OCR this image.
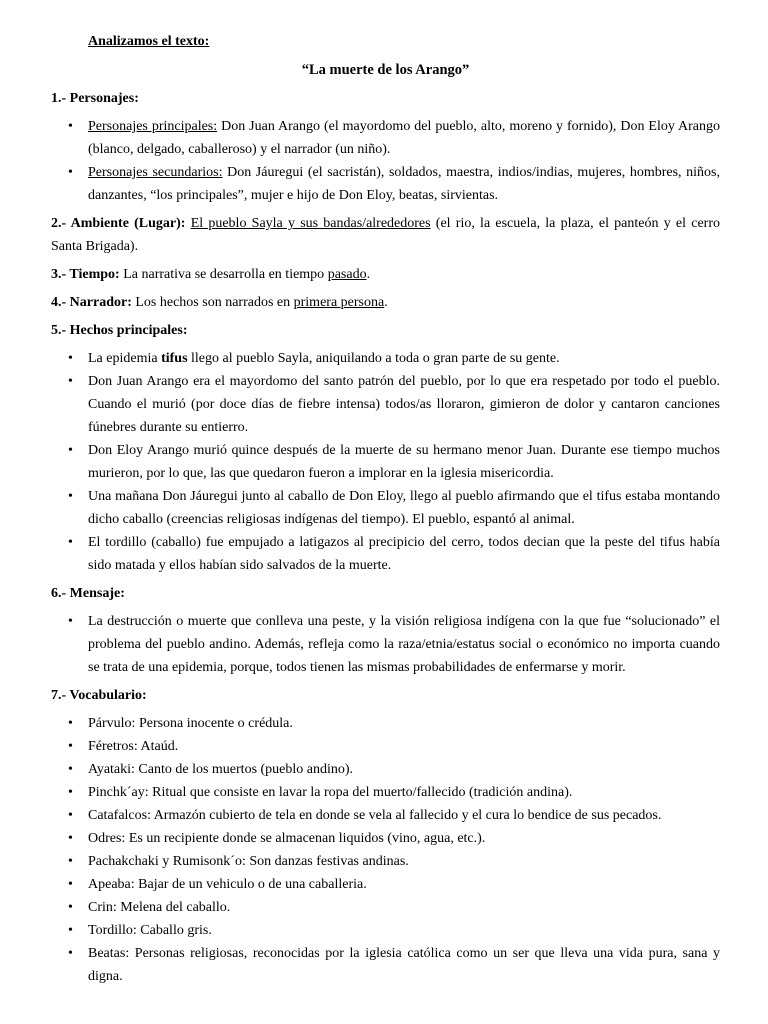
Analizamos el texto:

“La muerte de los Arango”

1.- Personajes:

• Personajes principales: Don Juan Arango (el mayordomo del pueblo, alto, moreno y fornido), Don Eloy Arango (blanco, delgado, caballeroso) y el narrador (un niño).
• Personajes secundarios: Don Jáuregui (el sacristán), soldados, maestra, indios/indias, mujeres, hombres, niños, danzantes, “los principales”, mujer e hijo de Don Eloy, beatas, sirvientas.

2.- Ambiente (Lugar): El pueblo Sayla y sus bandas/alrededores (el rio, la escuela, la plaza, el panteón y el cerro Santa Brigada).

3.- Tiempo: La narrativa se desarrolla en tiempo pasado.

4.- Narrador: Los hechos son narrados en primera persona.

5.- Hechos principales:

• La epidemia tifus llego al pueblo Sayla, aniquilando a toda o gran parte de su gente.
• Don Juan Arango era el mayordomo del santo patrón del pueblo, por lo que era respetado por todo el pueblo. Cuando el murió (por doce días de fiebre intensa) todos/as lloraron, gimieron de dolor y cantaron canciones fúnebres durante su entierro.
• Don Eloy Arango murió quince después de la muerte de su hermano menor Juan. Durante ese tiempo muchos murieron, por lo que, las que quedaron fueron a implorar en la iglesia misericordia.
• Una mañana Don Jáuregui junto al caballo de Don Eloy, llego al pueblo afirmando que el tifus estaba montando dicho caballo (creencias religiosas indígenas del tiempo). El pueblo, espantó al animal.
• El tordillo (caballo) fue empujado a latigazos al precipicio del cerro, todos decian que la peste del tifus había sido matada y ellos habían sido salvados de la muerte.

6.- Mensaje:

• La destrucción o muerte que conlleva una peste, y la visión religiosa indígena con la que fue “solucionado” el problema del pueblo andino. Además, refleja como la raza/etnia/estatus social o económico no importa cuando se trata de una epidemia, porque, todos tienen las mismas probabilidades de enfermarse y morir.

7.- Vocabulario:

• Párvulo: Persona inocente o crédula.
• Féretros: Ataúd.
• Ayataki: Canto de los muertos (pueblo andino).
• Pinchk´ay: Ritual que consiste en lavar la ropa del muerto/fallecido (tradición andina).
• Catafalcos: Armazón cubierto de tela en donde se vela al fallecido y el cura lo bendice de sus pecados.
• Odres: Es un recipiente donde se almacenan liquidos (vino, agua, etc.).
• Pachakchaki y Rumisonk´o: Son danzas festivas andinas.
• Apeaba: Bajar de un vehiculo o de una caballeria.
• Crin: Melena del caballo.
• Tordillo: Caballo gris.
• Beatas: Personas religiosas, reconocidas por la iglesia católica como un ser que lleva una vida pura, sana y digna.
